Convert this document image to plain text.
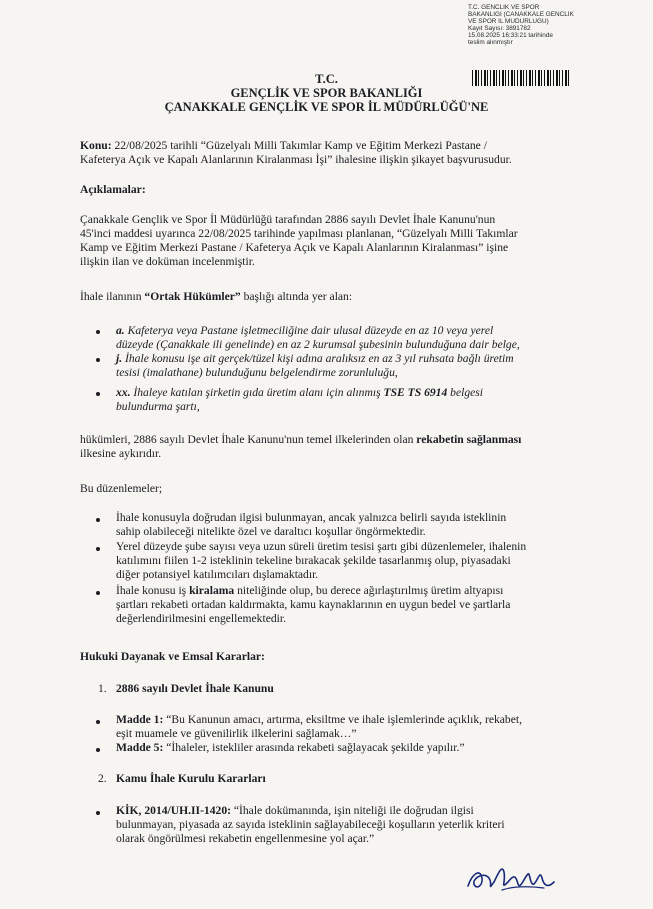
T.C. GENCLIK VE SPOR
BAKANLIGI (CANAKKALE GENCLIK
VE SPOR IL MUDURLUGU)
Kayıt Sayısı: 3891782
15.08.2025 16:33:21 tarihinde
teslim alınmıştır
T.C.
GENÇLİK VE SPOR BAKANLIĞI
ÇANAKKALE GENÇLİK VE SPOR İL MÜDÜRLÜĞÜ'NE
Konu: 22/08/2025 tarihli “Güzelyalı Milli Takımlar Kamp ve Eğitim Merkezi Pastane /
Kafeterya Açık ve Kapalı Alanlarının Kiralanması İşi” ihalesine ilişkin şikayet başvurusudur.
Açıklamalar:
Çanakkale Gençlik ve Spor İl Müdürlüğü tarafından 2886 sayılı Devlet İhale Kanunu'nun
45'inci maddesi uyarınca 22/08/2025 tarihinde yapılması planlanan, “Güzelyalı Milli Takımlar
Kamp ve Eğitim Merkezi Pastane / Kafeterya Açık ve Kapalı Alanlarının Kiralanması” işine
ilişkin ilan ve doküman incelenmiştir.
İhale ilanının “Ortak Hükümler” başlığı altında yer alan:
a. Kafeterya veya Pastane işletmeciliğine dair ulusal düzeyde en az 10 veya yerel
düzeyde (Çanakkale ili genelinde) en az 2 kurumsal şubesinin bulunduğuna dair belge,
j. İhale konusu işe ait gerçek/tüzel kişi adına aralıksız en az 3 yıl ruhsata bağlı üretim
tesisi (imalathane) bulunduğunu belgelendirme zorunluluğu,
xx. İhaleye katılan şirketin gıda üretim alanı için alınmış TSE TS 6914 belgesi
bulundurma şartı,
hükümleri, 2886 sayılı Devlet İhale Kanunu'nun temel ilkelerinden olan rekabetin sağlanması
ilkesine aykırıdır.
Bu düzenlemeler;
İhale konusuyla doğrudan ilgisi bulunmayan, ancak yalnızca belirli sayıda isteklinin
sahip olabileceği nitelikte özel ve daraltıcı koşullar öngörmektedir.
Yerel düzeyde şube sayısı veya uzun süreli üretim tesisi şartı gibi düzenlemeler, ihalenin
katılımını fiilen 1-2 isteklinin tekeline bırakacak şekilde tasarlanmış olup, piyasadaki
diğer potansiyel katılımcıları dışlamaktadır.
İhale konusu iş kiralama niteliğinde olup, bu derece ağırlaştırılmış üretim altyapısı
şartları rekabeti ortadan kaldırmakta, kamu kaynaklarının en uygun bedel ve şartlarla
değerlendirilmesini engellemektedir.
Hukuki Dayanak ve Emsal Kararlar:
1. 2886 sayılı Devlet İhale Kanunu
Madde 1: “Bu Kanunun amacı, artırma, eksiltme ve ihale işlemlerinde açıklık, rekabet,
eşit muamele ve güvenilirlik ilkelerini sağlamak…”
Madde 5: “İhaleler, istekliler arasında rekabeti sağlayacak şekilde yapılır.”
2. Kamu İhale Kurulu Kararları
KİK, 2014/UH.II-1420: “İhale dokümanında, işin niteliği ile doğrudan ilgisi
bulunmayan, piyasada az sayıda isteklinin sağlayabileceği koşulların yeterlik kriteri
olarak öngörülmesi rekabetin engellenmesine yol açar.”
